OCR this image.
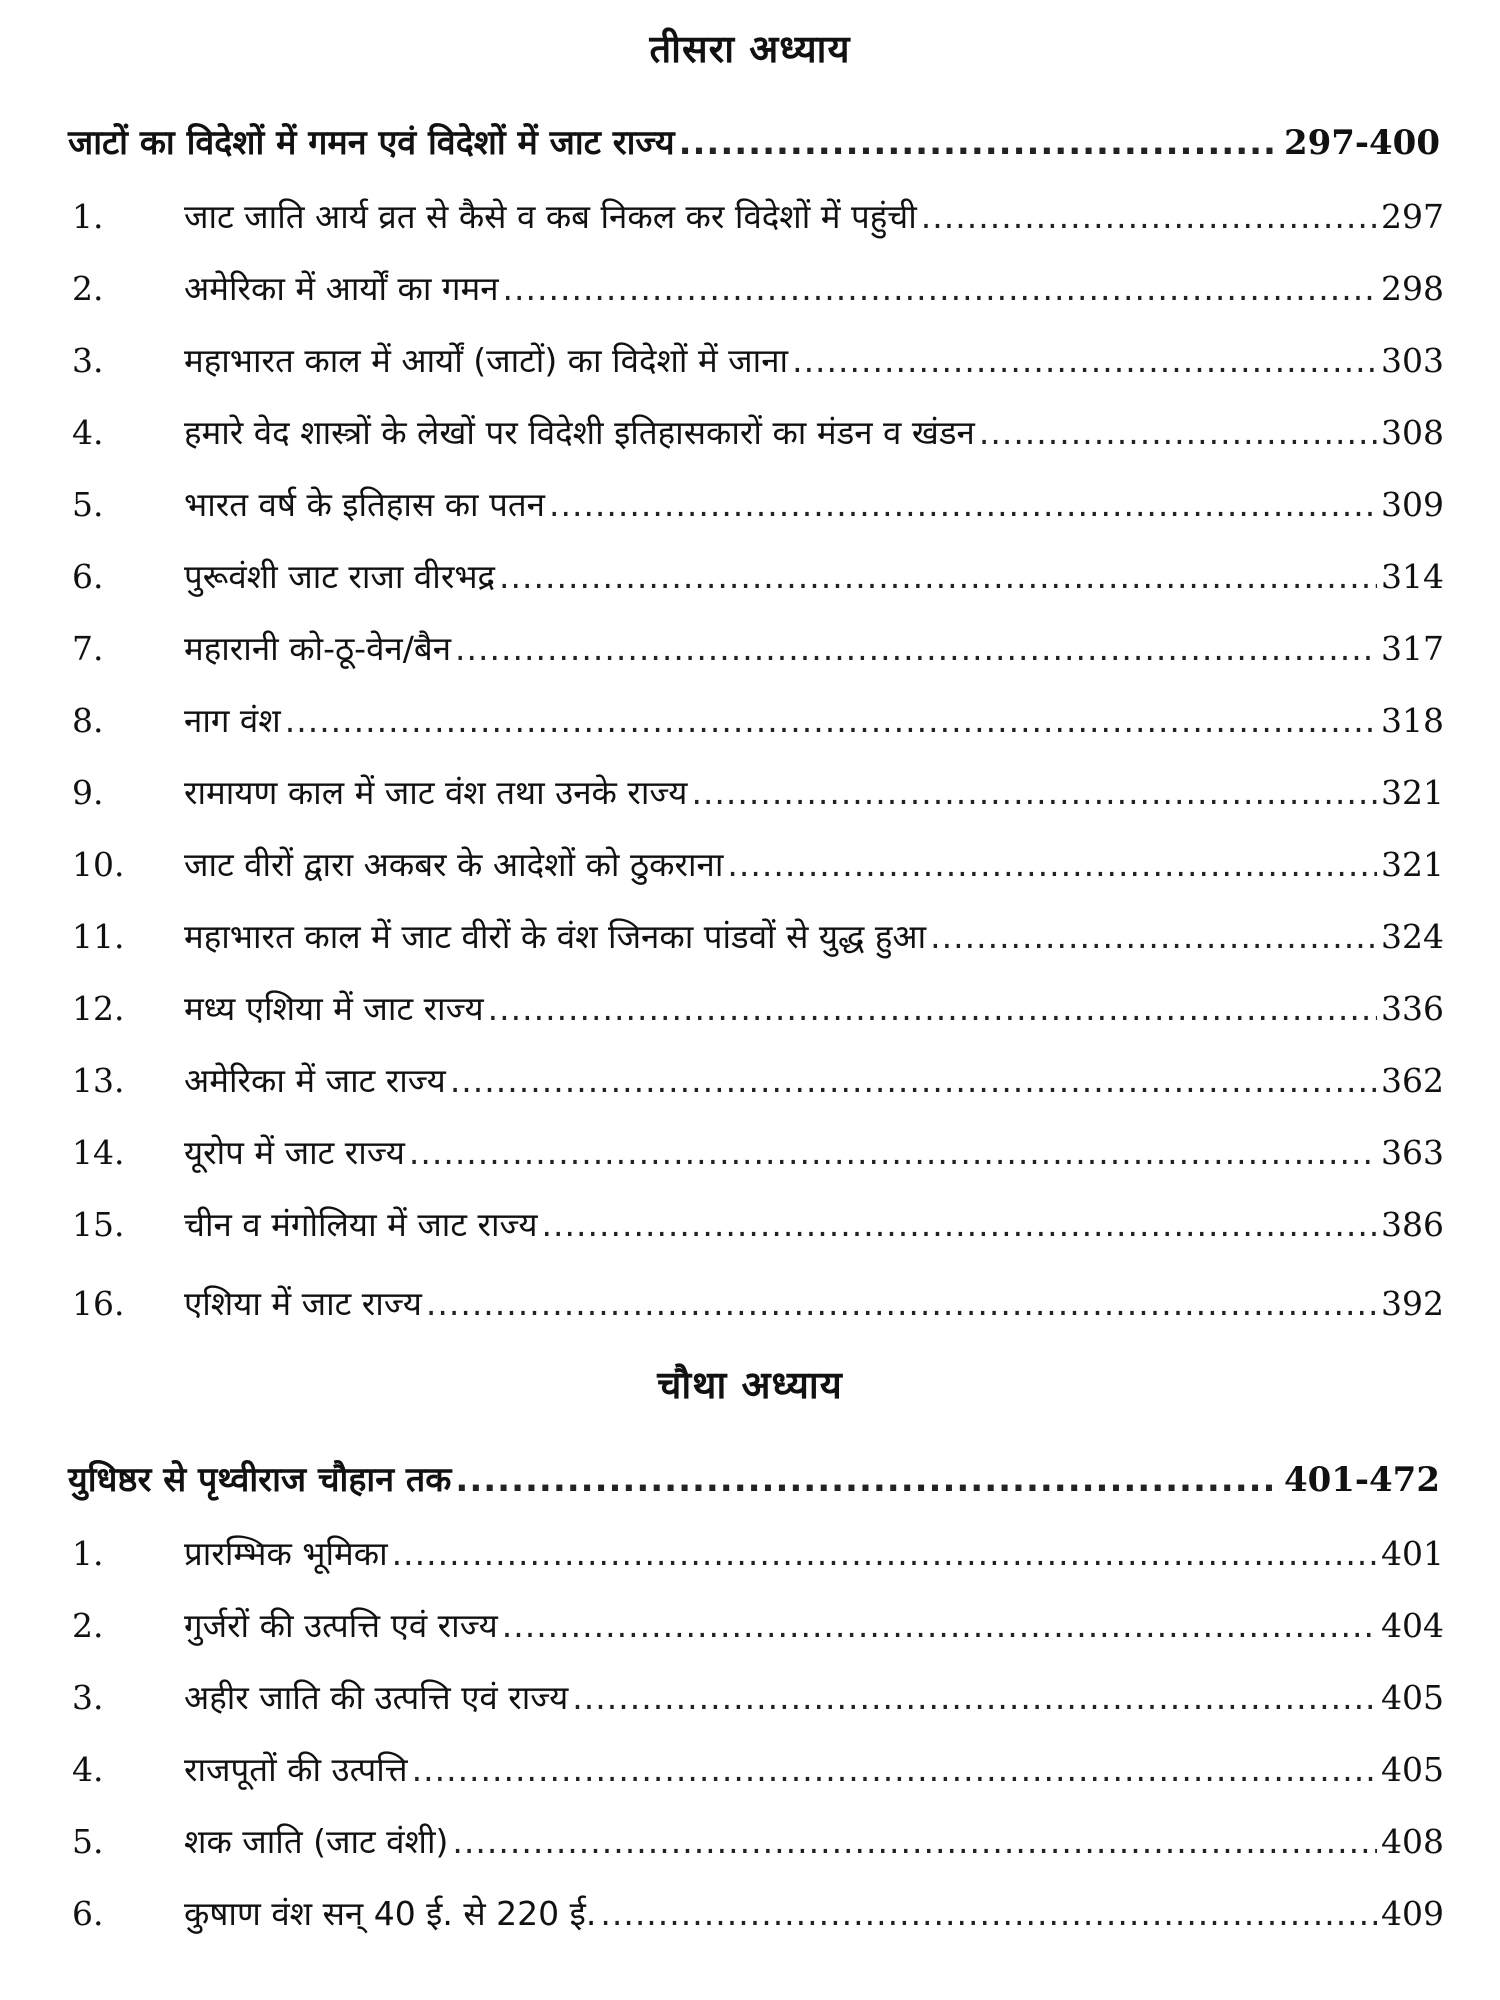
तीसरा अध्याय
जाटों का विदेशों में गमन एवं विदेशों में जाट राज्य .....	297-400
1.	जाट जाति आर्य व्रत से कैसे व कब निकल कर विदेशों में पहुंची .....	297
2.	अमेरिका में आर्यों का गमन .....	298
3.	महाभारत काल में आर्यों (जाटों) का विदेशों में जाना .....	303
4.	हमारे वेद शास्त्रों के लेखों पर विदेशी इतिहासकारों का मंडन व खंडन .....	308
5.	भारत वर्ष के इतिहास का पतन .....	309
6.	पुरूवंशी जाट राजा वीरभद्र .....	314
7.	महारानी को-ठू-वेन/बैन .....	317
8.	नाग वंश .....	318
9.	रामायण काल में जाट वंश तथा उनके राज्य .....	321
10.	जाट वीरों द्वारा अकबर के आदेशों को ठुकराना .....	321
11.	महाभारत काल में जाट वीरों के वंश जिनका पांडवों से युद्ध हुआ .....	324
12.	मध्य एशिया में जाट राज्य .....	336
13.	अमेरिका में जाट राज्य .....	362
14.	यूरोप में जाट राज्य .....	363
15.	चीन व मंगोलिया में जाट राज्य .....	386
16.	एशिया में जाट राज्य .....	392
चौथा अध्याय
युधिष्ठर से पृथ्वीराज चौहान तक .....	401-472
1.	प्रारम्भिक भूमिका .....	401
2.	गुर्जरों की उत्पत्ति एवं राज्य .....	404
3.	अहीर जाति की उत्पत्ति एवं राज्य .....	405
4.	राजपूतों की उत्पत्ति .....	405
5.	शक जाति (जाट वंशी) .....	408
6.	कुषाण वंश सन् 40 ई. से 220 ई. .....	409
